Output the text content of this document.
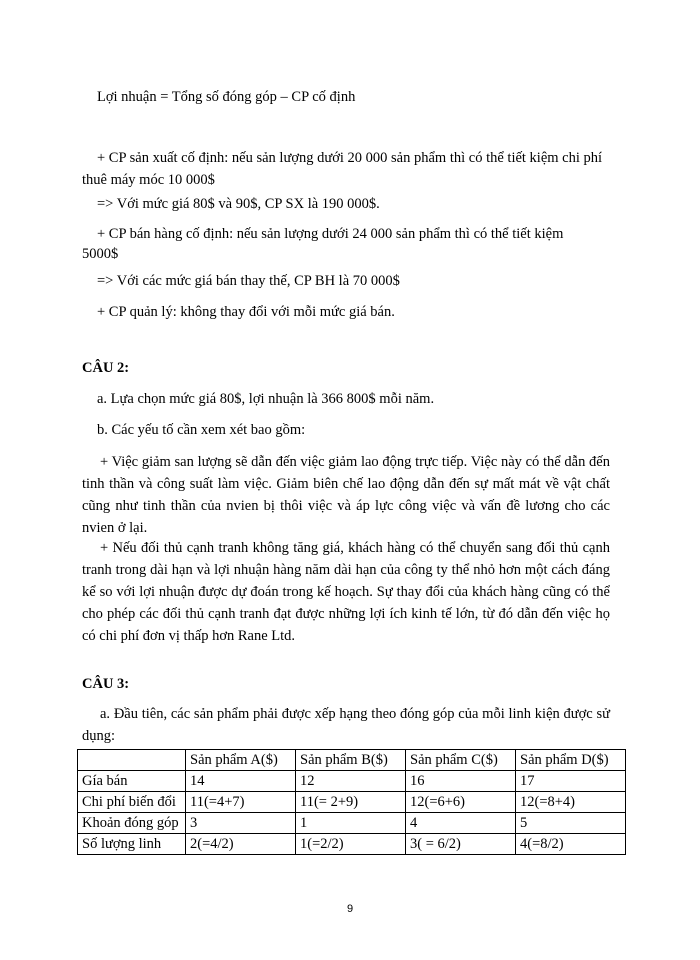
Lợi nhuận = Tổng số đóng góp – CP cố định

+ CP sản xuất cố định: nếu sản lượng dưới 20 000 sản phẩm thì có thể tiết kiệm chi phí

thuê máy móc 10 000$

=> Với mức giá 80$ và 90$, CP SX là 190 000$.

+ CP bán hàng cố định: nếu sản lượng dưới 24 000 sản phẩm thì có thể tiết kiệm

5000$

=> Với các mức giá bán thay thế, CP BH là 70 000$

+ CP quản lý: không thay đổi với mỗi mức giá bán.

CÂU 2:

a. Lựa chọn mức giá 80$, lợi nhuận là 366 800$ mỗi năm.

b. Các yếu tố cần xem xét bao gồm:

+ Việc giảm san lượng sẽ dẫn đến việc giảm lao động trực tiếp. Việc này có thể dẫn đến tinh thần và công suất làm việc. Giảm biên chế lao động dẫn đến sự mất mát về vật chất cũng như tinh thần của nvien bị thôi việc và áp lực công việc và vấn đề lương cho các nvien ở lại.

+ Nếu đối thủ cạnh tranh không tăng giá, khách hàng có thể chuyển sang đối thủ cạnh tranh trong dài hạn và lợi nhuận hàng năm dài hạn của công ty thể nhỏ hơn một cách đáng kể so với lợi nhuận được dự đoán trong kế hoạch. Sự thay đổi của khách hàng cũng có thể cho phép các đối thủ cạnh tranh đạt được những lợi ích kinh tế lớn, từ đó dẫn đến việc họ có chi phí đơn vị thấp hơn Rane Ltd.

CÂU 3:

a. Đầu tiên, các sản phẩm phải được xếp hạng theo đóng góp của mỗi linh kiện được sử dụng:

	Sản phẩm A($)	Sản phẩm B($)	Sản phẩm C($)	Sản phẩm D($)
Gía bán	14	12	16	17
Chi phí biến đổi	11(=4+7)	11(= 2+9)	12(=6+6)	12(=8+4)
Khoản đóng góp	3	1	4	5
Số lượng linh	2(=4/2)	1(=2/2)	3( = 6/2)	4(=8/2)
9
